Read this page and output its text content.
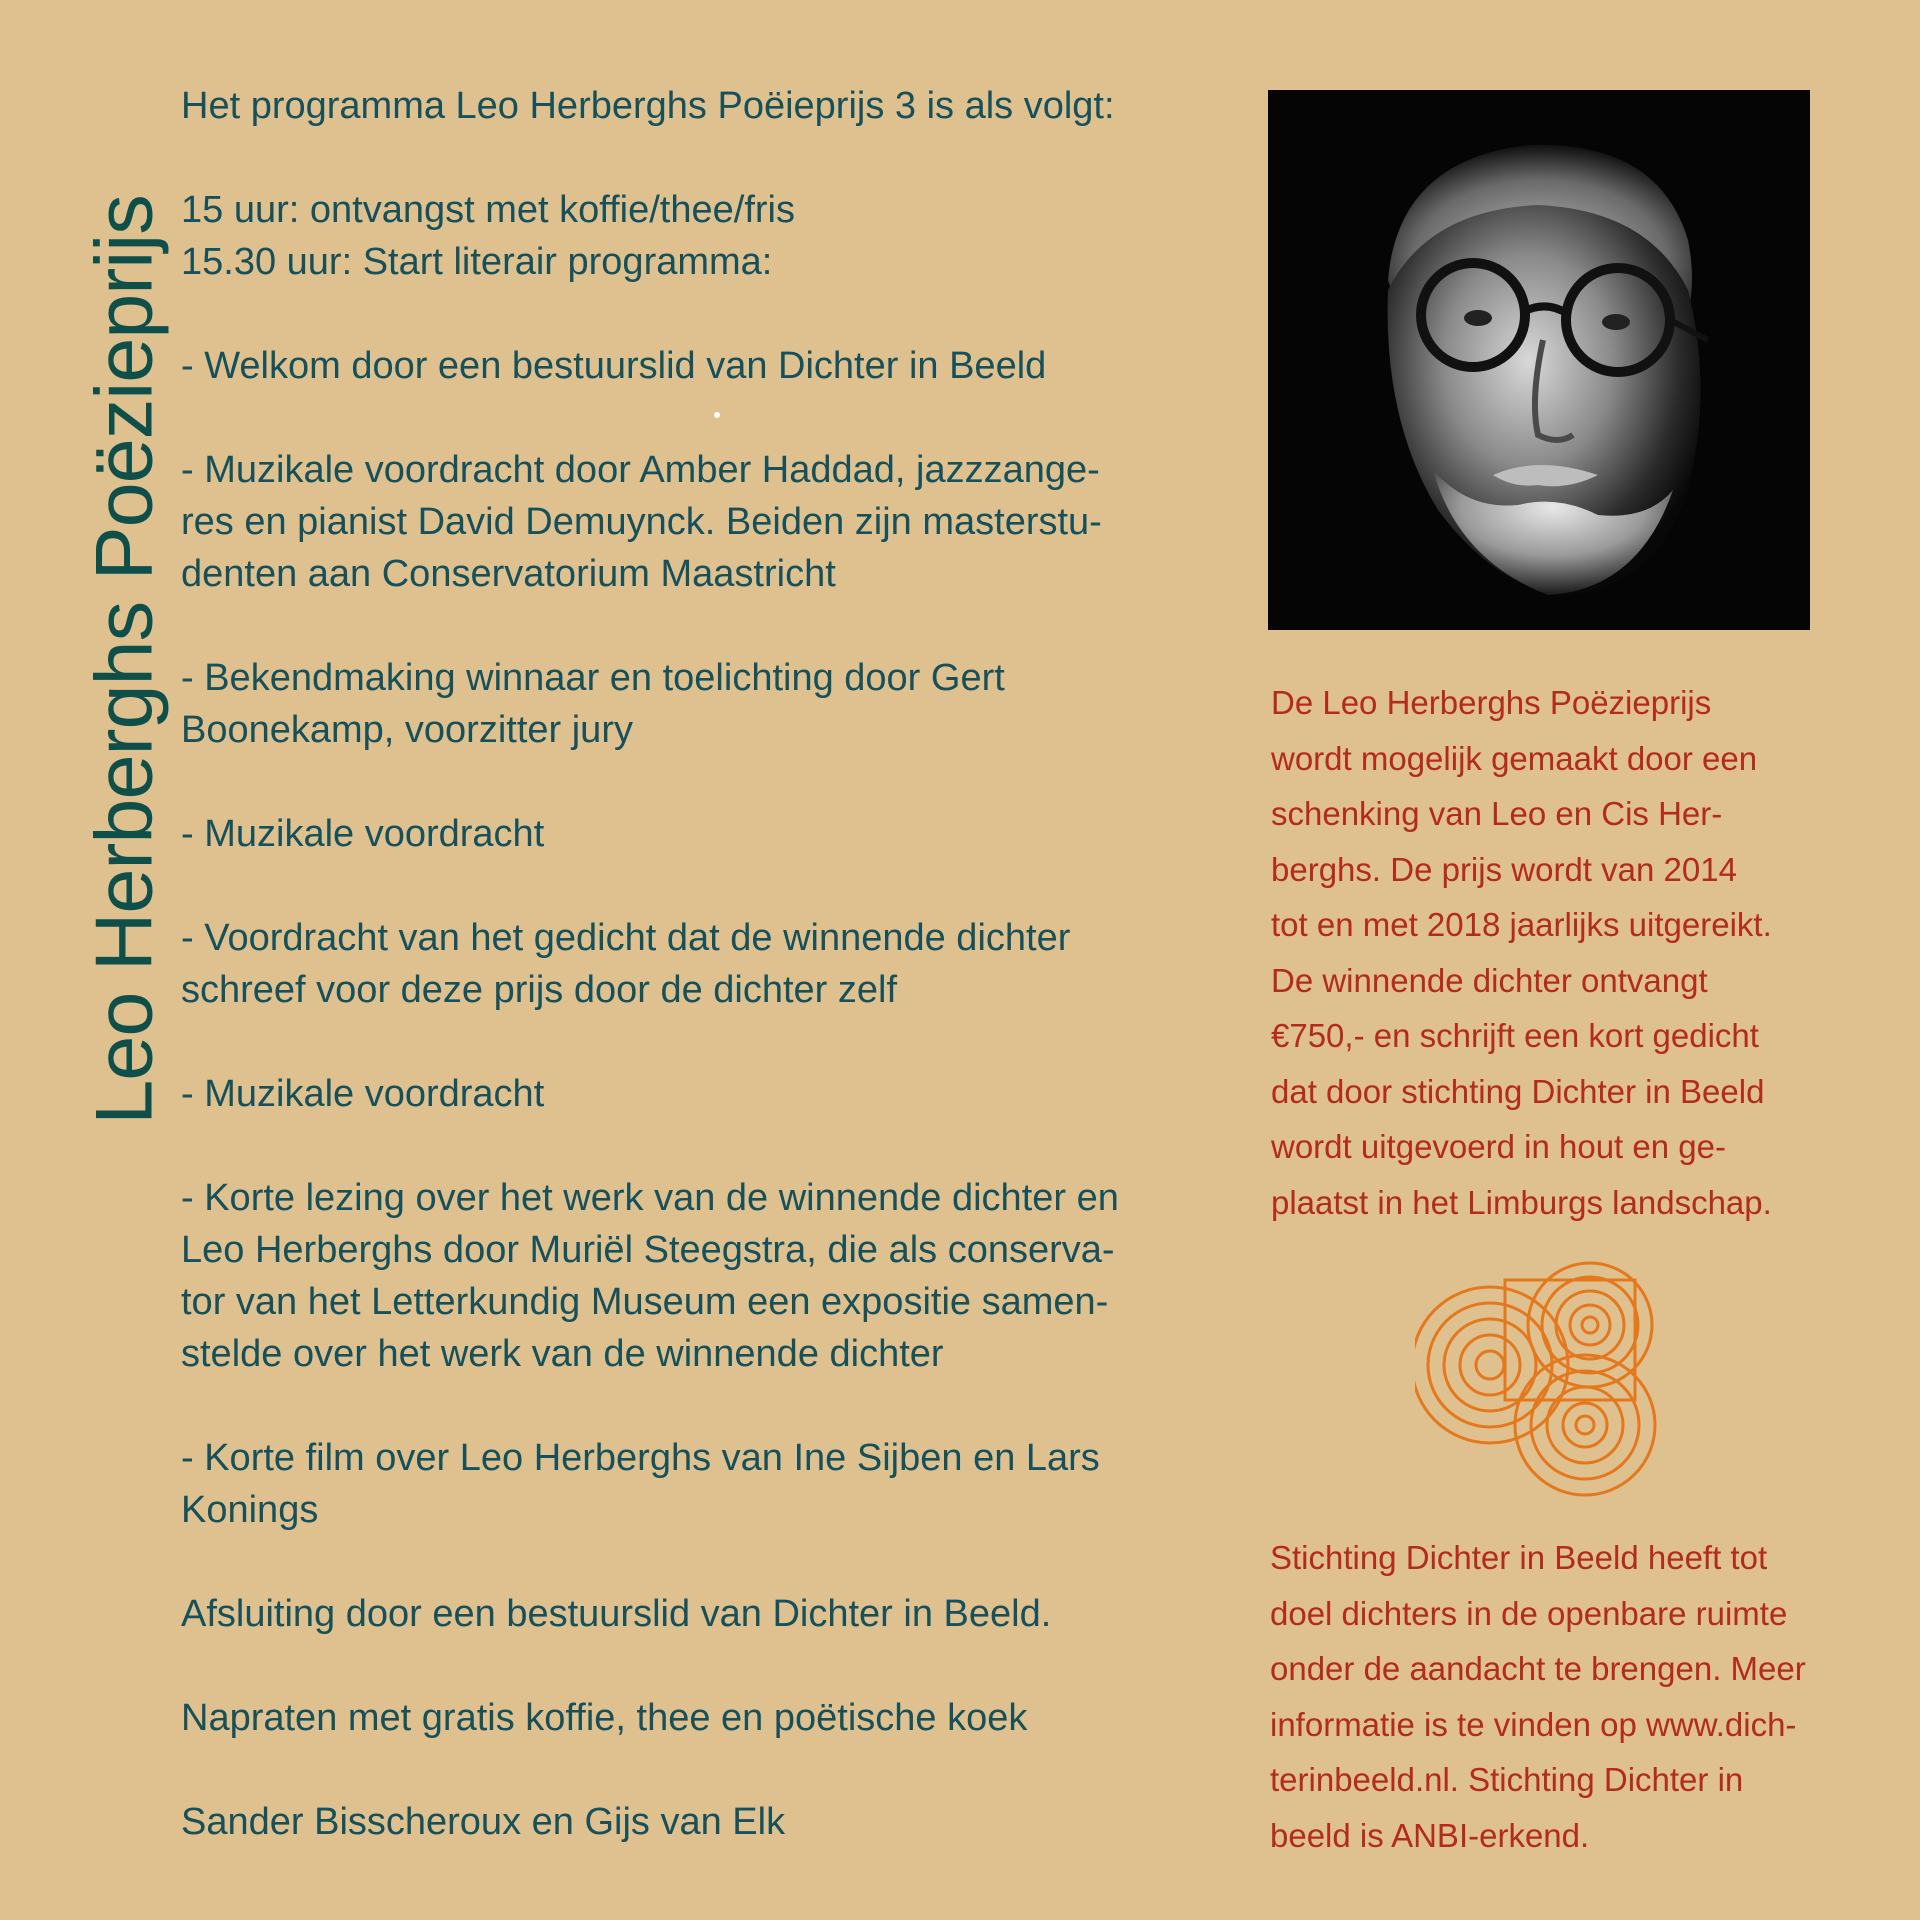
Leo Herberghs Poëzieprijs
Het programma Leo Herberghs Poëieprijs 3 is als volgt:
15 uur: ontvangst met koffie/thee/fris
15.30 uur: Start literair programma:
- Welkom door een bestuurslid van Dichter in Beeld
- Muzikale voordracht door Amber Haddad, jazzzange-
res en pianist David Demuynck. Beiden zijn masterstu-
denten aan Conservatorium Maastricht
- Bekendmaking winnaar en toelichting door Gert
Boonekamp, voorzitter jury
- Muzikale voordracht
- Voordracht van het gedicht dat de winnende dichter
schreef voor deze prijs door de dichter zelf
- Muzikale voordracht
- Korte lezing over het werk van de winnende dichter en
Leo Herberghs door Muriël Steegstra, die als conserva-
tor van het Letterkundig Museum een expositie samen-
stelde over het werk van de winnende dichter
- Korte film over Leo Herberghs van Ine Sijben en Lars
Konings
Afsluiting door een bestuurslid van Dichter in Beeld.
Napraten met gratis koffie, thee en poëtische koek
Sander Bisscheroux en Gijs van Elk
De Leo Herberghs Poëzieprijs
wordt mogelijk gemaakt door een
schenking van Leo en Cis Her-
berghs. De prijs wordt van 2014
tot en met 2018 jaarlijks uitgereikt.
De winnende dichter ontvangt
€750,- en schrijft een kort gedicht
dat door stichting Dichter in Beeld
wordt uitgevoerd in hout en ge-
plaatst in het Limburgs landschap.
Stichting Dichter in Beeld heeft tot
doel dichters in de openbare ruimte
onder de aandacht te brengen. Meer
informatie is te vinden op www.dich-
terinbeeld.nl. Stichting Dichter in
beeld is ANBI-erkend.
